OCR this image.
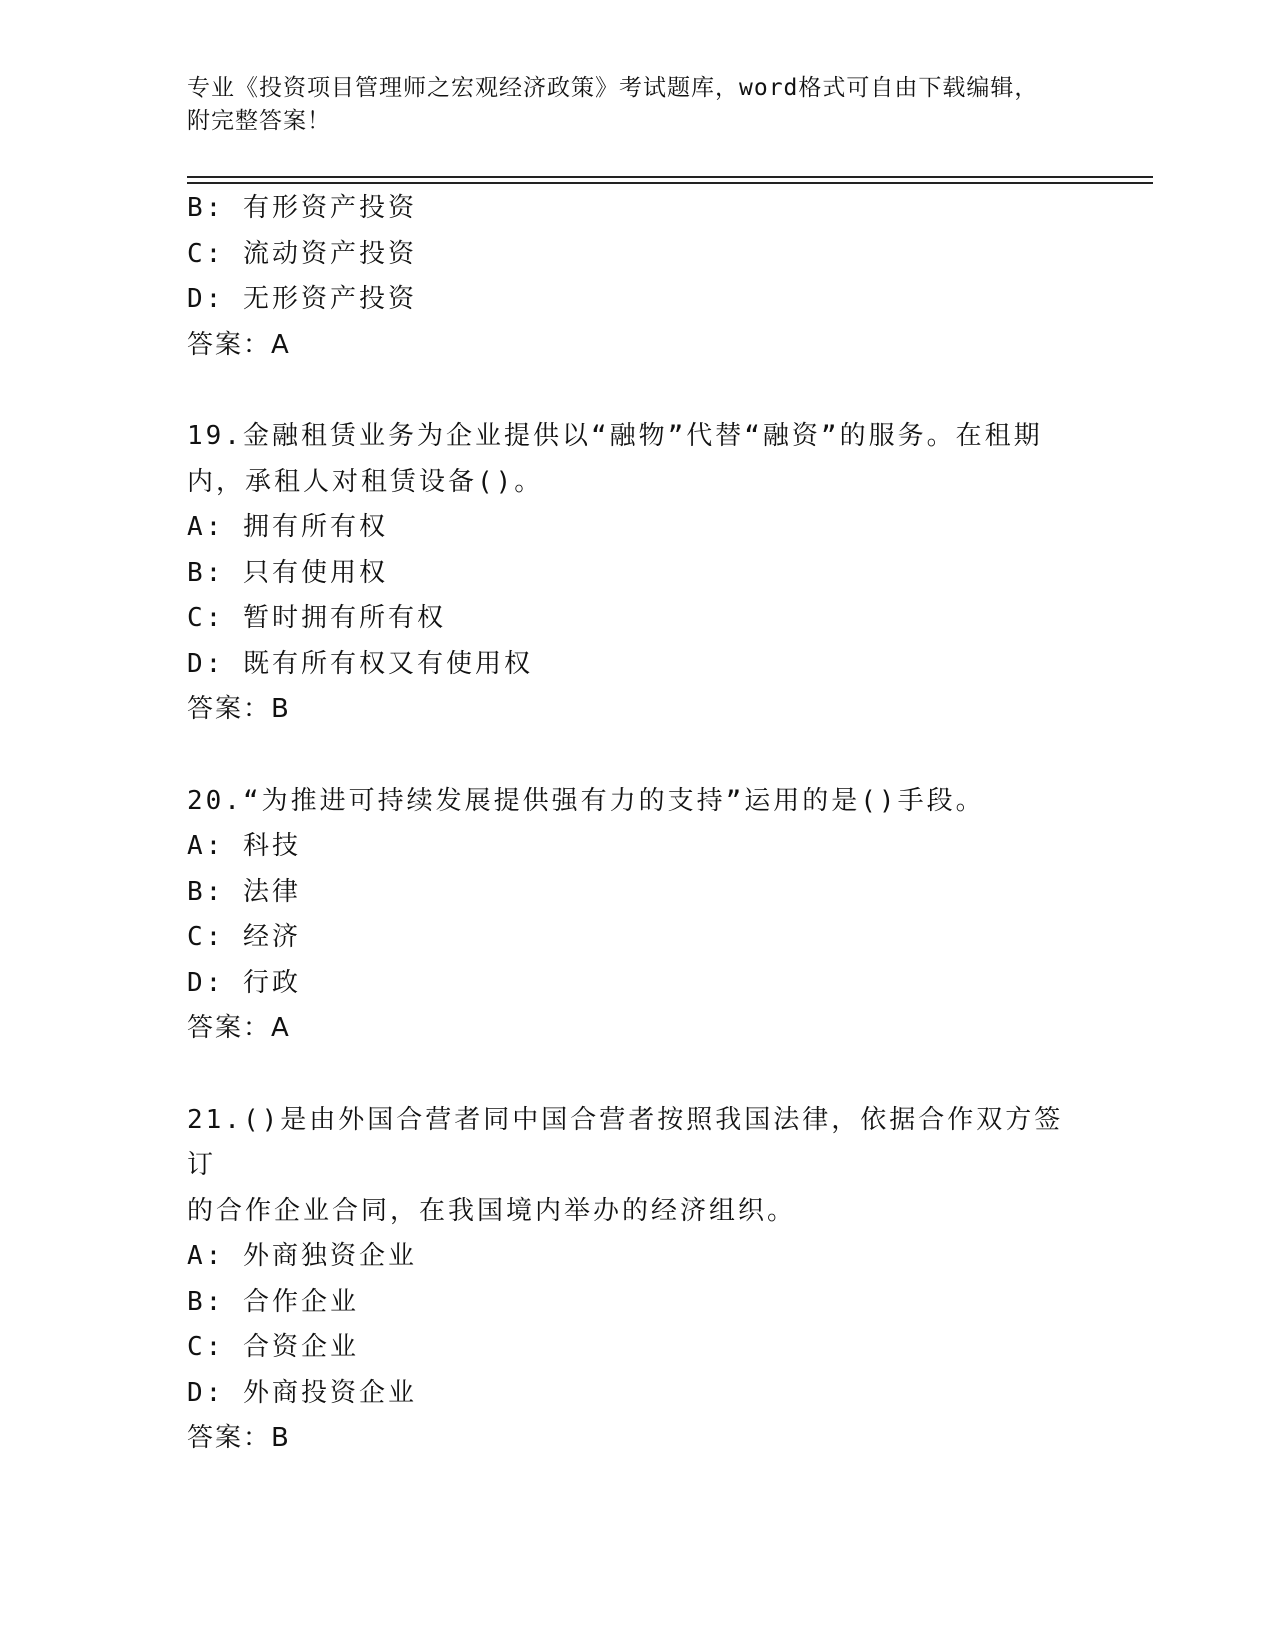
专业《投资项目管理师之宏观经济政策》考试题库，word格式可自由下载编辑，
附完整答案！
B: 有形资产投资
C: 流动资产投资
D: 无形资产投资
答案：A
19.金融租赁业务为企业提供以“融物”代替“融资”的服务。在租期
内，承租人对租赁设备()。
A: 拥有所有权
B: 只有使用权
C: 暂时拥有所有权
D: 既有所有权又有使用权
答案：B
20.“为推进可持续发展提供强有力的支持”运用的是()手段。
A: 科技
B: 法律
C: 经济
D: 行政
答案：A
21.()是由外国合营者同中国合营者按照我国法律，依据合作双方签订
的合作企业合同，在我国境内举办的经济组织。
A: 外商独资企业
B: 合作企业
C: 合资企业
D: 外商投资企业
答案：B
